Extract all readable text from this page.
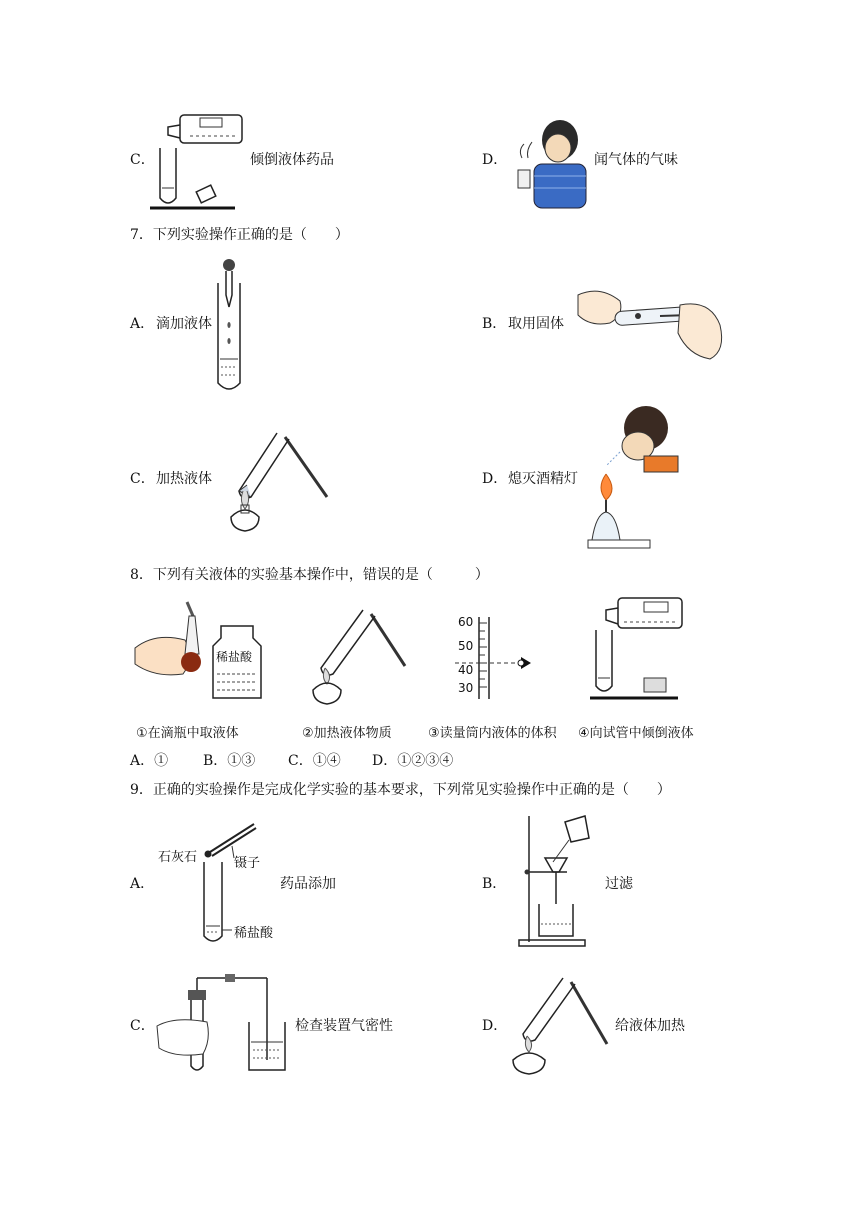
C．	倾倒液体药品	D．	闻气体的气味
7．下列实验操作正确的是（　　）
A． 滴加液体	B． 取用固体
C． 加热液体	D． 熄灭酒精灯
8．下列有关液体的实验基本操作中，错误的是（　　　）
稀盐酸
60
50
40
30
①在滴瓶中取液体	②加热液体物质	③读量筒内液体的体积 ④向试管中倾倒液体
A．① B．①③ C．①④ D．①②③④
9．正确的实验操作是完成化学实验的基本要求，下列常见实验操作中正确的是（　　）
A．
石灰石	镊子
稀盐酸
药品添加	B．	过滤
C．	检查装置气密性	D．	给液体加热
